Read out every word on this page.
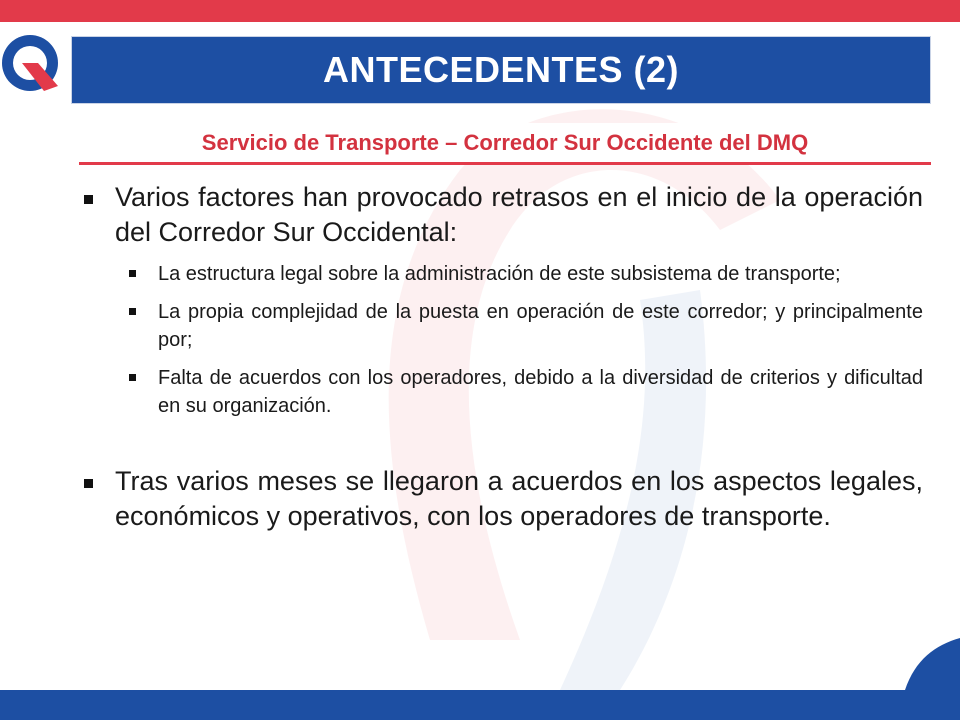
ANTECEDENTES (2)
Servicio de Transporte – Corredor Sur Occidente del DMQ
Varios factores han provocado retrasos en el inicio de la operación del Corredor Sur Occidental:
La estructura legal sobre la administración de este subsistema de transporte;
La propia complejidad de la puesta en operación de este corredor; y principalmente por;
Falta de acuerdos con los operadores, debido a la diversidad de criterios y dificultad en su organización.
Tras varios meses se llegaron a acuerdos en los aspectos legales, económicos y operativos, con los operadores de transporte.
